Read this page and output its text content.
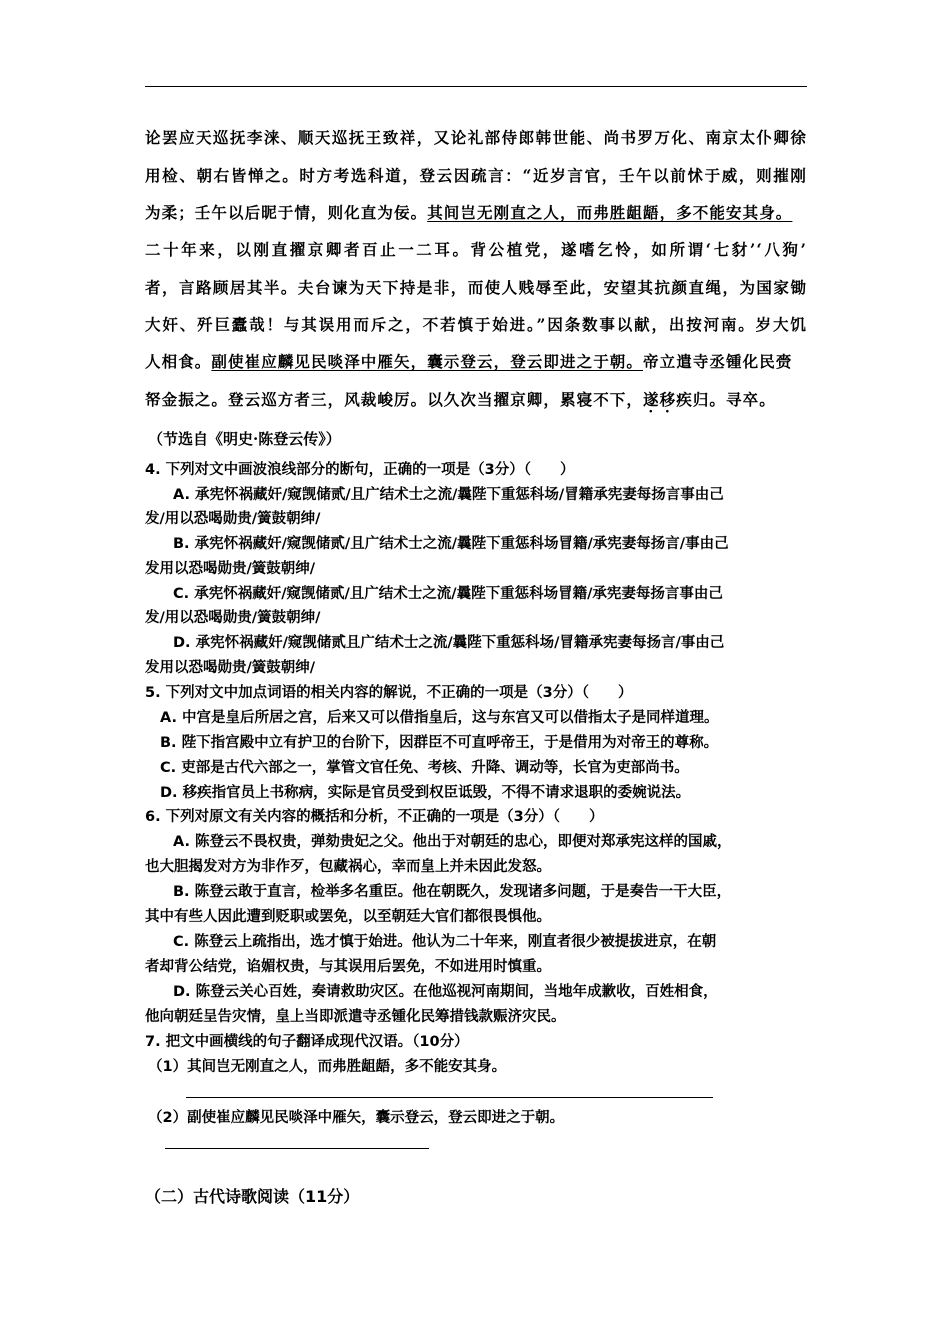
论罢应天巡抚李涞、顺天巡抚王致祥，又论礼部侍郎韩世能、尚书罗万化、南京太仆卿徐
用检、朝右皆惮之。时方考选科道，登云因疏言：“近岁言官，壬午以前怵于威，则摧刚
为柔；壬午以后昵于情，则化直为佞。其间岂无刚直之人，而弗胜龃龉，多不能安其身。
二十年来，以刚直擢京卿者百止一二耳。背公植党，遂嗜乞怜，如所谓‘七豺’‘八狗’
者，言路顾居其半。夫台谏为天下持是非，而使人贱辱至此，安望其抗颜直绳，为国家锄
大奸、歼巨蠹哉！与其误用而斥之，不若慎于始进。”因条数事以献，出按河南。岁大饥
人相食。副使崔应麟见民啖泽中雁矢，囊示登云，登云即进之于朝。帝立遣寺丞锺化民赍
帑金振之。登云巡方者三，风裁峻厉。以久次当擢京卿，累寝不下，遂移疾归。寻卒。
（节选自《明史·陈登云传》）
4. 下列对文中画波浪线部分的断句，正确的一项是（3分）（　　）
A. 承宪怀祸藏奸/窥觊储贰/且广结术士之流/曩陛下重惩科场/冒籍承宪妻每扬言事由己
发/用以恐喝勋贵/簧鼓朝绅/
B. 承宪怀祸藏奸/窥觊储贰/且广结术士之流/曩陛下重惩科场冒籍/承宪妻每扬言/事由己
发用以恐喝勋贵/簧鼓朝绅/
C. 承宪怀祸藏奸/窥觊储贰/且广结术士之流/曩陛下重惩科场冒籍/承宪妻每扬言事由己
发/用以恐喝勋贵/簧鼓朝绅/
D. 承宪怀祸藏奸/窥觊储贰且广结术士之流/曩陛下重惩科场/冒籍承宪妻每扬言/事由己
发用以恐喝勋贵/簧鼓朝绅/
5. 下列对文中加点词语的相关内容的解说，不正确的一项是（3分）（　　）
A. 中宫是皇后所居之宫，后来又可以借指皇后，这与东宫又可以借指太子是同样道理。
B. 陛下指宫殿中立有护卫的台阶下，因群臣不可直呼帝王，于是借用为对帝王的尊称。
C. 吏部是古代六部之一，掌管文官任免、考核、升降、调动等，长官为吏部尚书。
D. 移疾指官员上书称病，实际是官员受到权臣诋毁，不得不请求退职的委婉说法。
6. 下列对原文有关内容的概括和分析，不正确的一项是（3分）（　　）
A. 陈登云不畏权贵，弹劾贵妃之父。他出于对朝廷的忠心，即便对郑承宪这样的国戚，
也大胆揭发对方为非作歹，包藏祸心，幸而皇上并未因此发怒。
B. 陈登云敢于直言，检举多名重臣。他在朝既久，发现诸多问题，于是奏告一干大臣，
其中有些人因此遭到贬职或罢免，以至朝廷大官们都很畏惧他。
C. 陈登云上疏指出，选才慎于始进。他认为二十年来，刚直者很少被提拔进京，在朝
者却背公结党，谄媚权贵，与其误用后罢免，不如进用时慎重。
D. 陈登云关心百姓，奏请救助灾区。在他巡视河南期间，当地年成歉收，百姓相食，
他向朝廷呈告灾情，皇上当即派遣寺丞锺化民筹措钱款赈济灾民。
7. 把文中画横线的句子翻译成现代汉语。（10分）
（1）其间岂无刚直之人，而弗胜龃龉，多不能安其身。
（2）副使崔应麟见民啖泽中雁矢，囊示登云，登云即进之于朝。
（二）古代诗歌阅读（11分）
